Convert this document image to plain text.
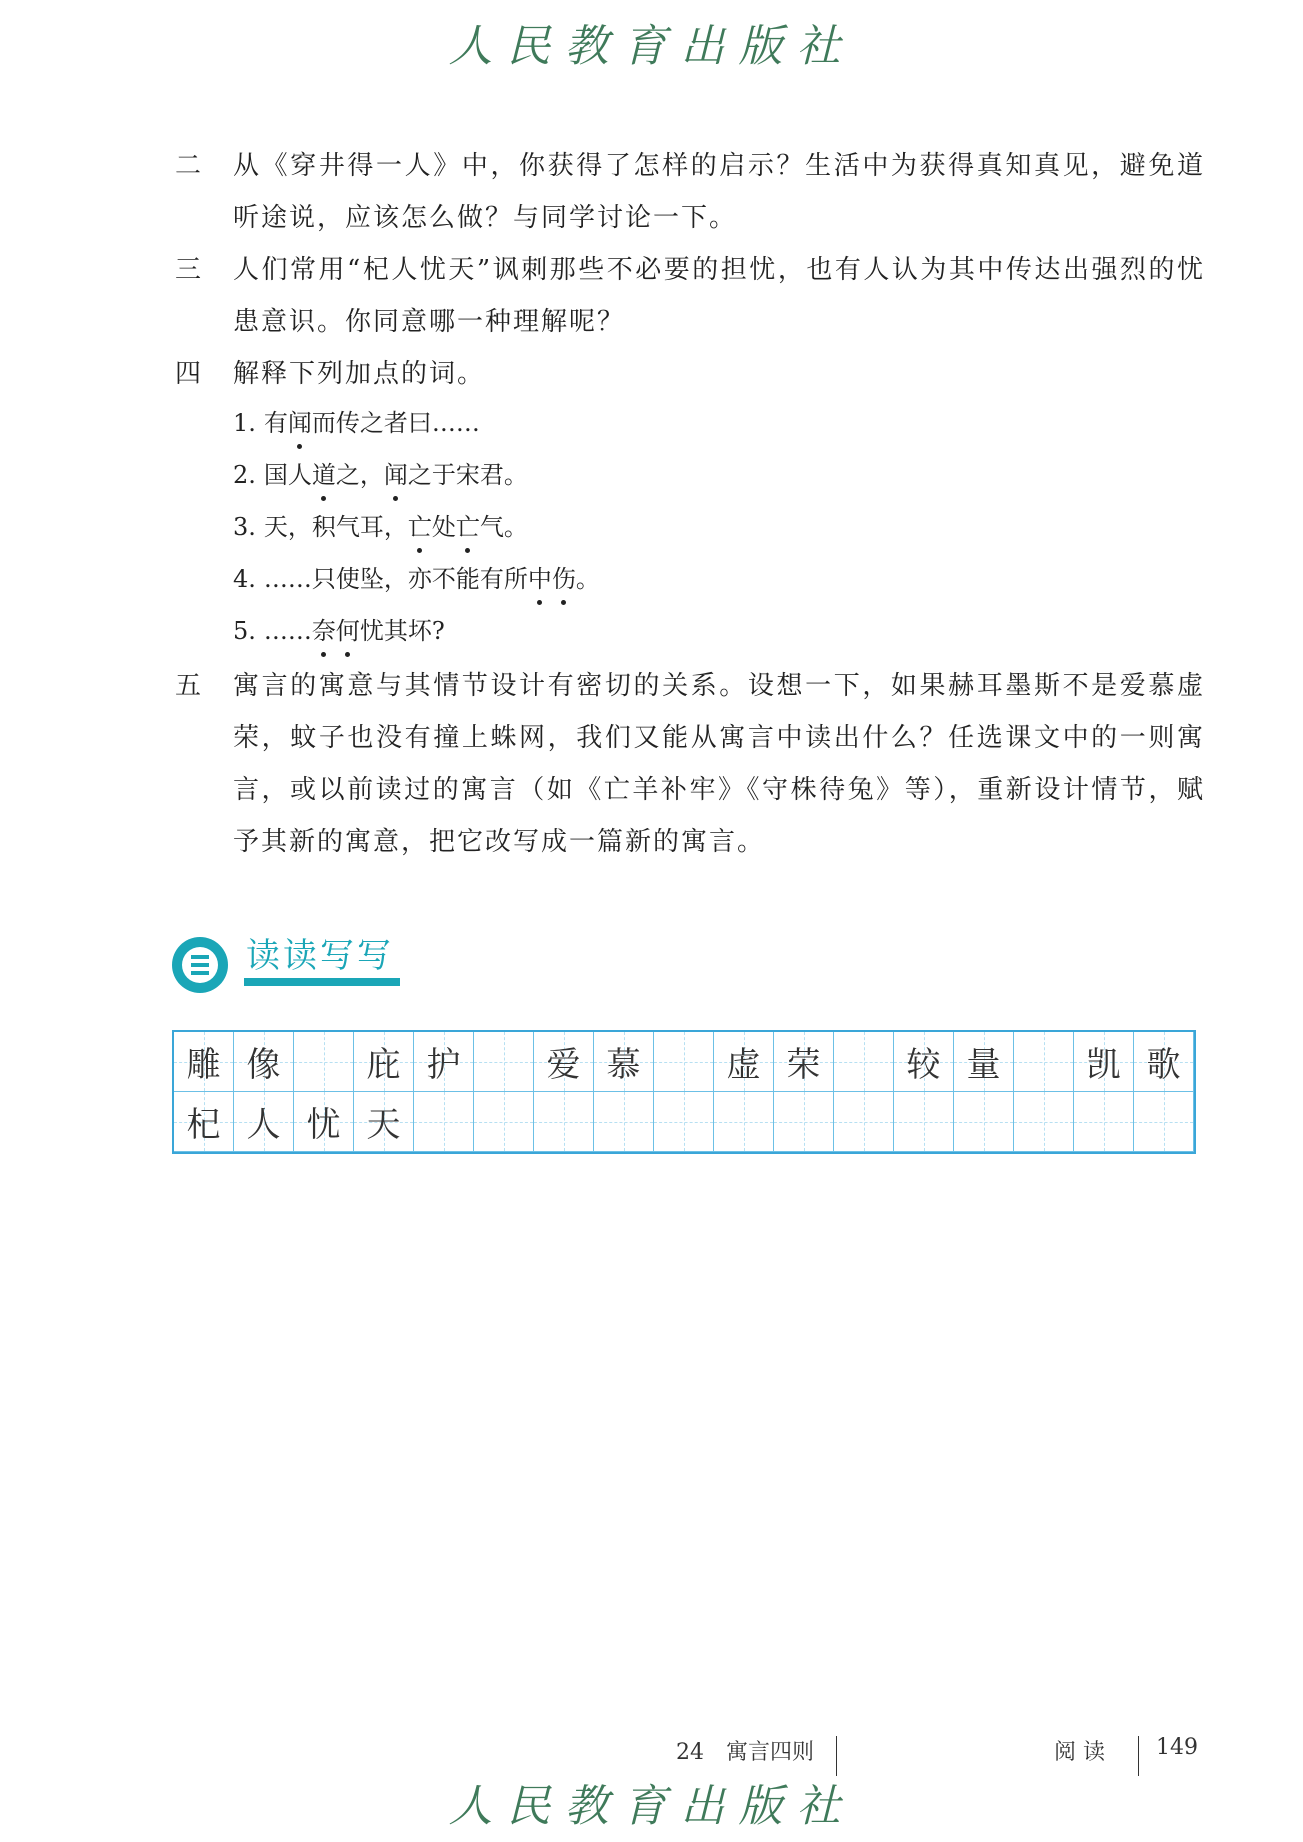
人民教育出版社
二 从《穿井得一人》中，你获得了怎样的启示？生活中为获得真知真见，避免道听途说，应该怎么做？与同学讨论一下。
三 人们常用“杞人忧天”讽刺那些不必要的担忧，也有人认为其中传达出强烈的忧患意识。你同意哪一种理解呢？
四 解释下列加点的词。
1. 有闻而传之者曰……
2. 国人道之，闻之于宋君。
3. 天，积气耳，亡处亡气。
4. ……只使坠，亦不能有所中伤。
5. ……奈何忧其坏?
五 寓言的寓意与其情节设计有密切的关系。设想一下，如果赫耳墨斯不是爱慕虚荣，蚊子也没有撞上蛛网，我们又能从寓言中读出什么？任选课文中的一则寓言，或以前读过的寓言（如《亡羊补牢》《守株待兔》等），重新设计情节，赋予其新的寓意，把它改写成一篇新的寓言。
读读写写
雕 像	庇 护	爱 慕	虚 荣	较 量	凯 歌
杞 人 忧 天
24　寓言四则	阅 读 149
人民教育出版社
